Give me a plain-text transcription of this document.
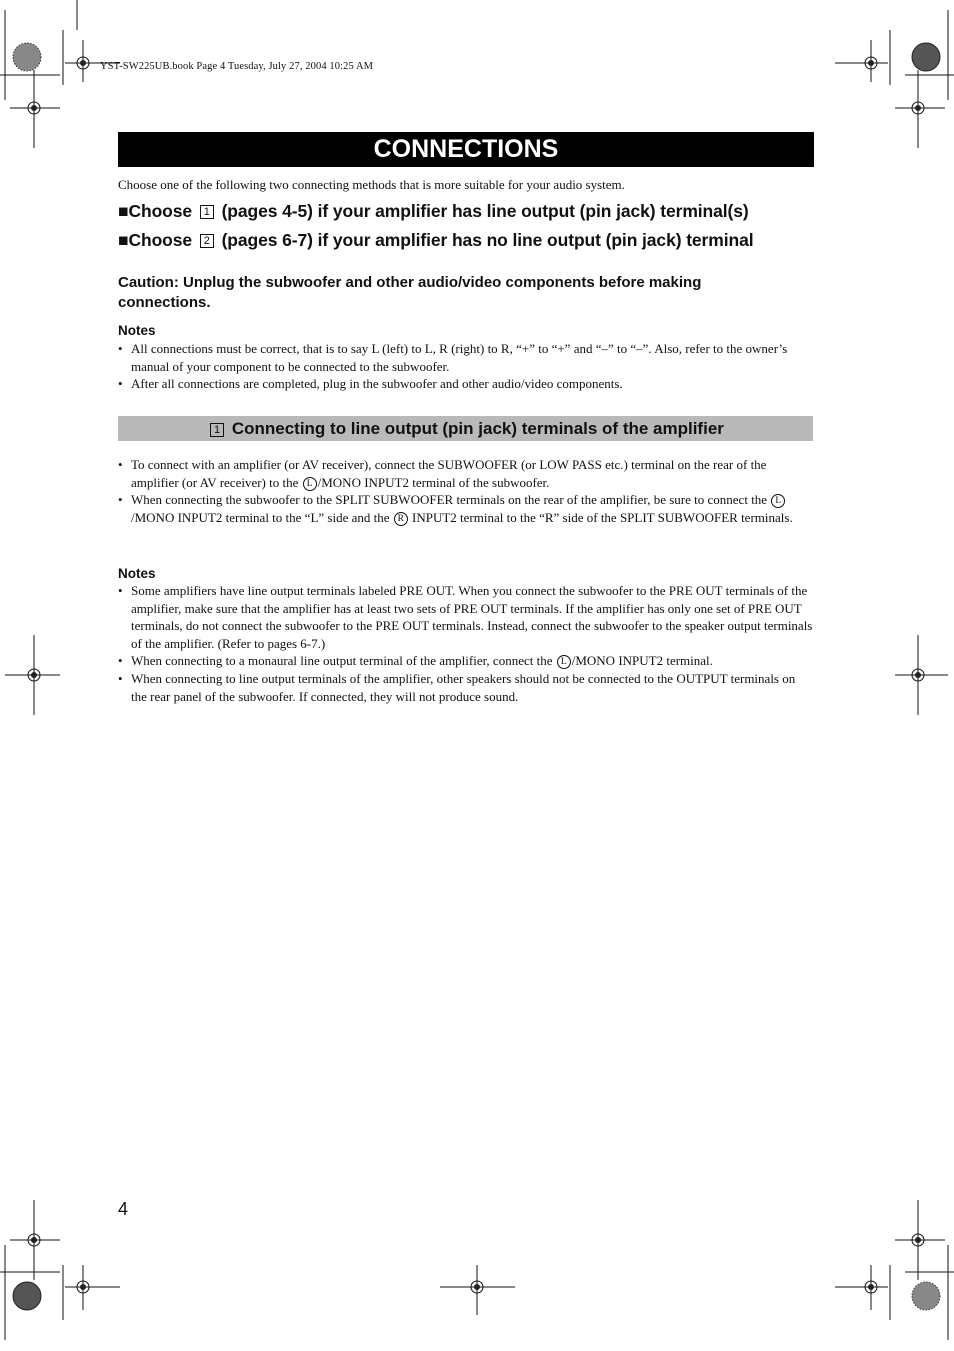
YST-SW225UB.book Page 4 Tuesday, July 27, 2004 10:25 AM
CONNECTIONS
Choose one of the following two connecting methods that is more suitable for your audio system.
■Choose 1 (pages 4-5) if your amplifier has line output (pin jack) terminal(s)
■Choose 2 (pages 6-7) if your amplifier has no line output (pin jack) terminal
Caution: Unplug the subwoofer and other audio/video components before making connections.
Notes
• All connections must be correct, that is to say L (left) to L, R (right) to R, “+” to “+” and “–” to “–”. Also, refer to the owner’s manual of your component to be connected to the subwoofer.
• After all connections are completed, plug in the subwoofer and other audio/video components.
1 Connecting to line output (pin jack) terminals of the amplifier
• To connect with an amplifier (or AV receiver), connect the SUBWOOFER (or LOW PASS etc.) terminal on the rear of the amplifier (or AV receiver) to the L /MONO INPUT2 terminal of the subwoofer.
• When connecting the subwoofer to the SPLIT SUBWOOFER terminals on the rear of the amplifier, be sure to connect the L/MONO INPUT2 terminal to the “L” side and the R INPUT2 terminal to the “R” side of the SPLIT SUBWOOFER terminals.
Notes
• Some amplifiers have line output terminals labeled PRE OUT. When you connect the subwoofer to the PRE OUT terminals of the amplifier, make sure that the amplifier has at least two sets of PRE OUT terminals. If the amplifier has only one set of PRE OUT terminals, do not connect the subwoofer to the PRE OUT terminals. Instead, connect the subwoofer to the speaker output terminals of the amplifier. (Refer to pages 6-7.)
• When connecting to a monaural line output terminal of the amplifier, connect the L /MONO INPUT2 terminal.
• When connecting to line output terminals of the amplifier, other speakers should not be connected to the OUTPUT terminals on the rear panel of the subwoofer. If connected, they will not produce sound.
4
